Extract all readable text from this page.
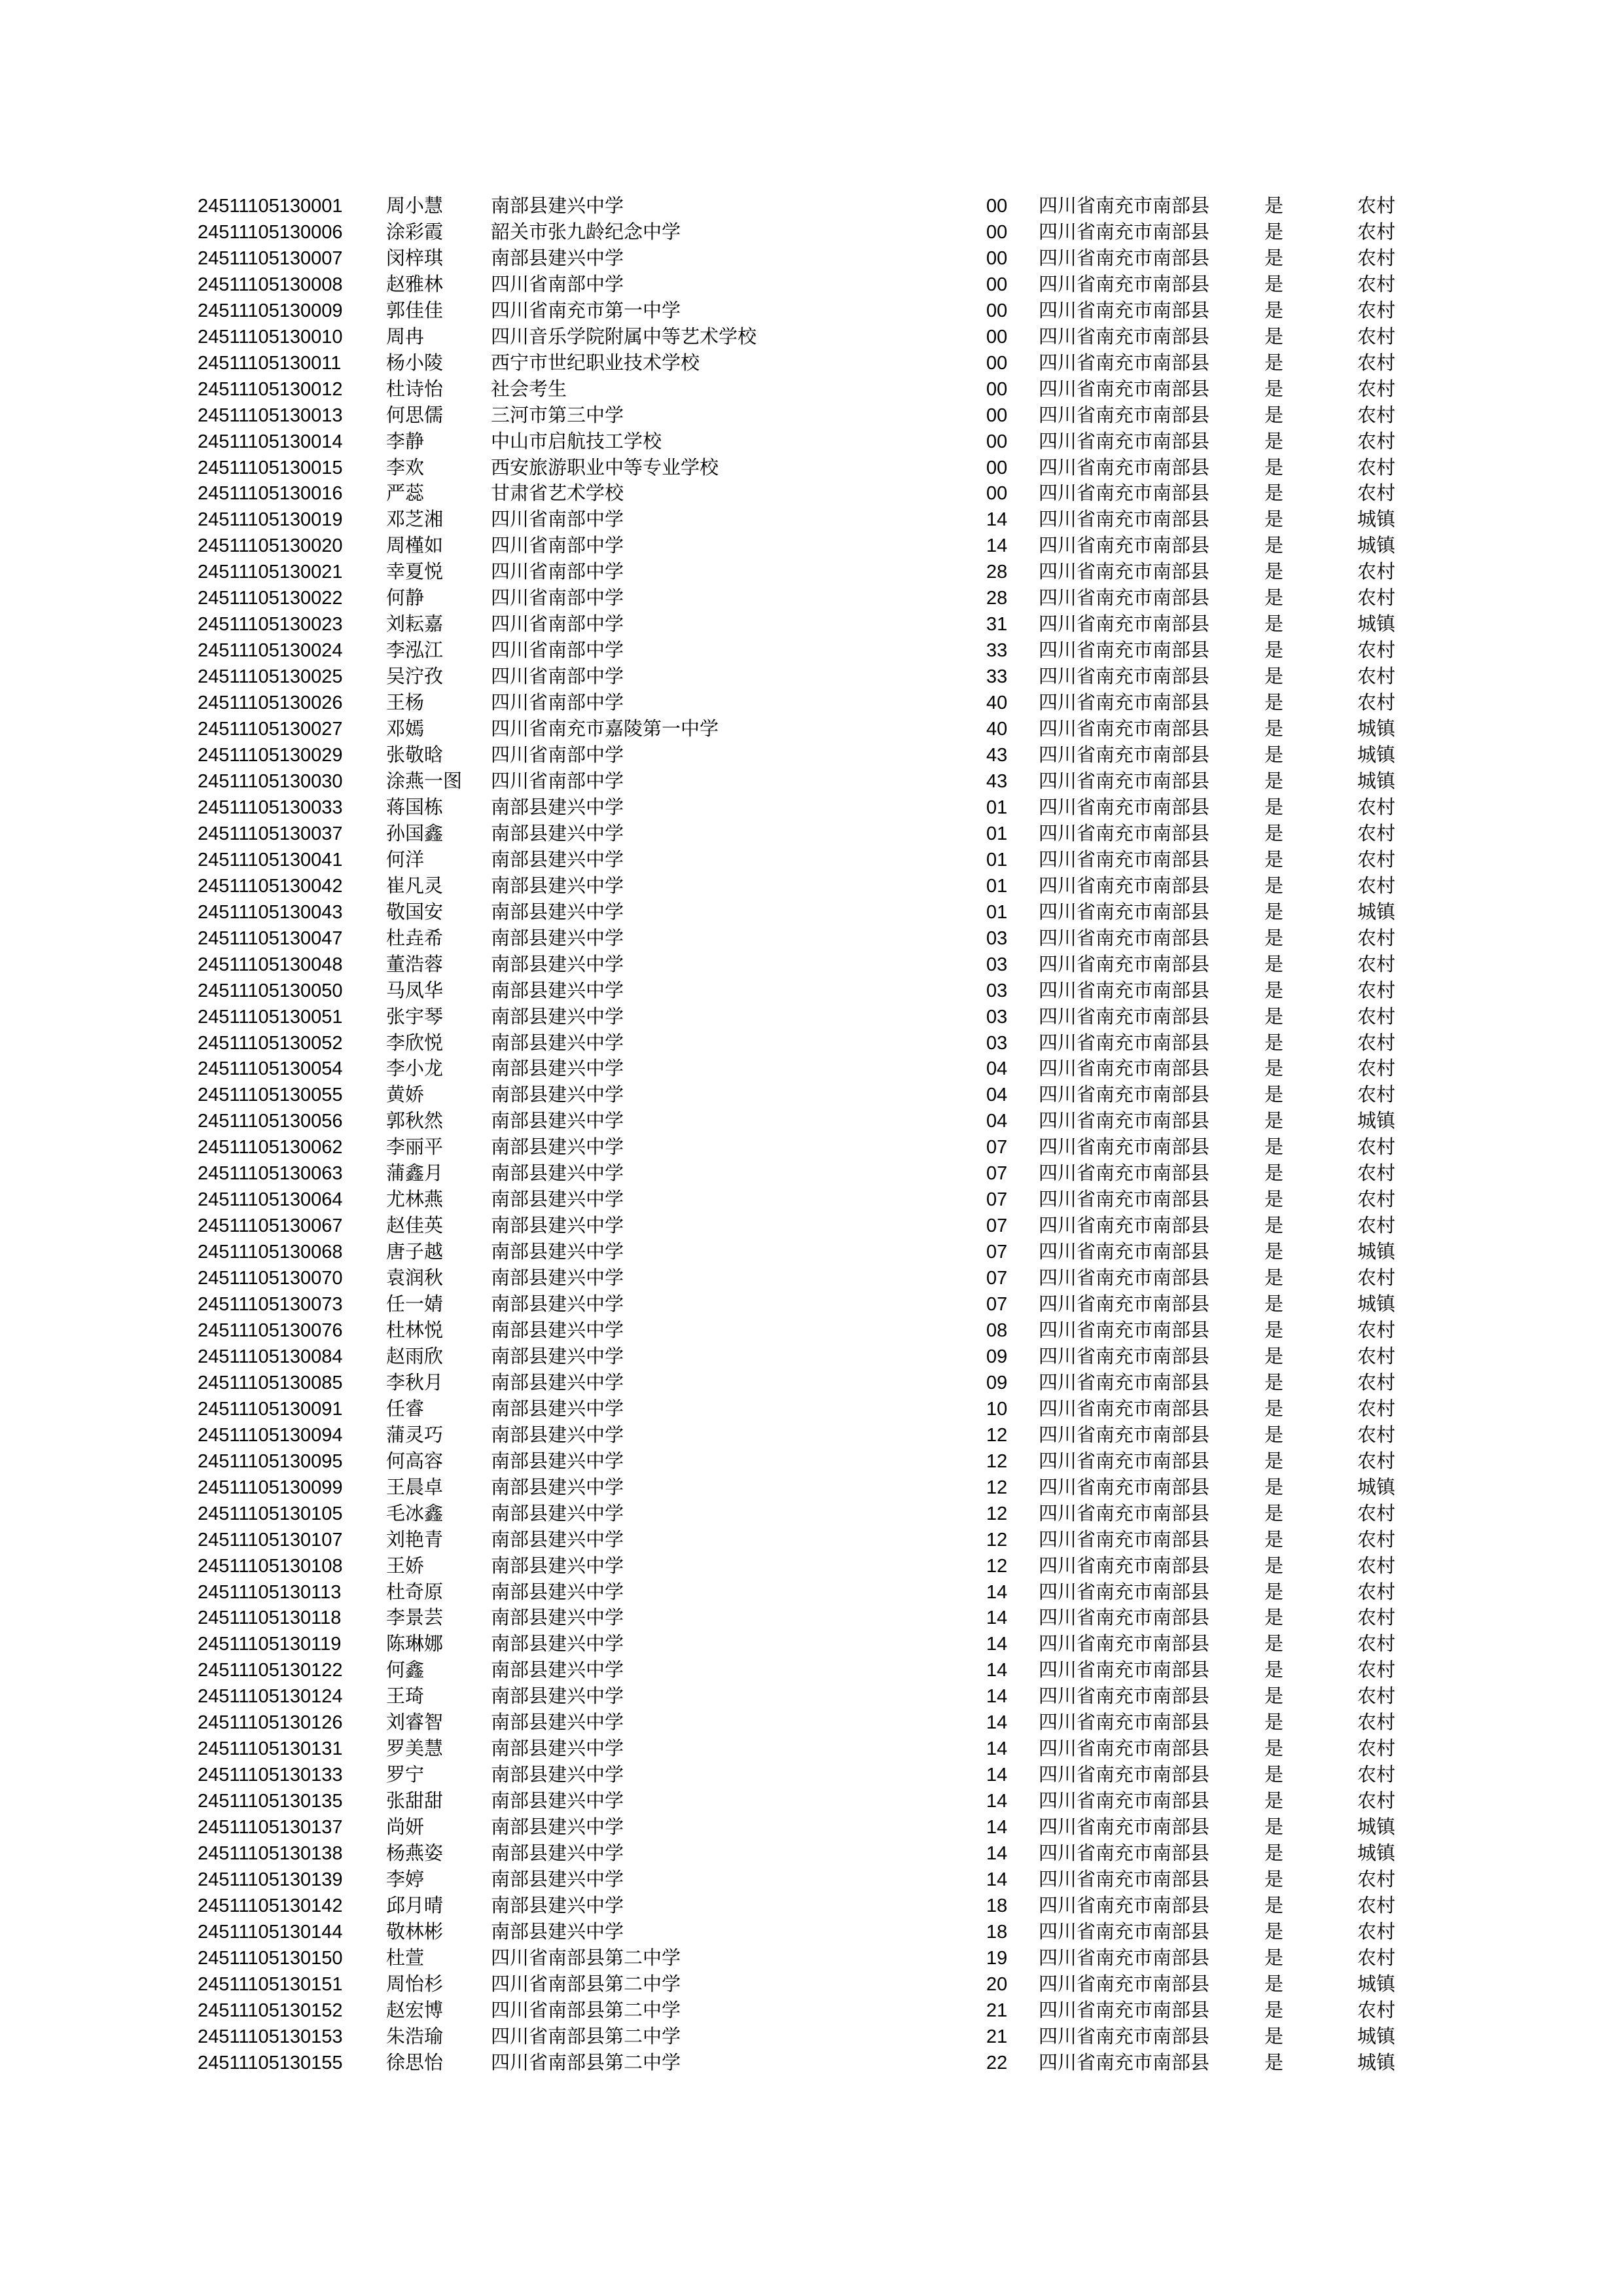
24511105130001	周小慧	南部县建兴中学	00	四川省南充市南部县	是	农村
24511105130006	涂彩霞	韶关市张九龄纪念中学	00	四川省南充市南部县	是	农村
24511105130007	闵梓琪	南部县建兴中学	00	四川省南充市南部县	是	农村
24511105130008	赵雅林	四川省南部中学	00	四川省南充市南部县	是	农村
24511105130009	郭佳佳	四川省南充市第一中学	00	四川省南充市南部县	是	农村
24511105130010	周冉	四川音乐学院附属中等艺术学校	00	四川省南充市南部县	是	农村
24511105130011	杨小陵	西宁市世纪职业技术学校	00	四川省南充市南部县	是	农村
24511105130012	杜诗怡	社会考生	00	四川省南充市南部县	是	农村
24511105130013	何思儒	三河市第三中学	00	四川省南充市南部县	是	农村
24511105130014	李静	中山市启航技工学校	00	四川省南充市南部县	是	农村
24511105130015	李欢	西安旅游职业中等专业学校	00	四川省南充市南部县	是	农村
24511105130016	严蕊	甘肃省艺术学校	00	四川省南充市南部县	是	农村
24511105130019	邓芝湘	四川省南部中学	14	四川省南充市南部县	是	城镇
24511105130020	周槿如	四川省南部中学	14	四川省南充市南部县	是	城镇
24511105130021	幸夏悦	四川省南部中学	28	四川省南充市南部县	是	农村
24511105130022	何静	四川省南部中学	28	四川省南充市南部县	是	农村
24511105130023	刘耘嘉	四川省南部中学	31	四川省南充市南部县	是	城镇
24511105130024	李泓江	四川省南部中学	33	四川省南充市南部县	是	农村
24511105130025	吴泞孜	四川省南部中学	33	四川省南充市南部县	是	农村
24511105130026	王杨	四川省南部中学	40	四川省南充市南部县	是	农村
24511105130027	邓嫣	四川省南充市嘉陵第一中学	40	四川省南充市南部县	是	城镇
24511105130029	张敬晗	四川省南部中学	43	四川省南充市南部县	是	城镇
24511105130030	涂燕一图	四川省南部中学	43	四川省南充市南部县	是	城镇
24511105130033	蒋国栋	南部县建兴中学	01	四川省南充市南部县	是	农村
24511105130037	孙国鑫	南部县建兴中学	01	四川省南充市南部县	是	农村
24511105130041	何洋	南部县建兴中学	01	四川省南充市南部县	是	农村
24511105130042	崔凡灵	南部县建兴中学	01	四川省南充市南部县	是	农村
24511105130043	敬国安	南部县建兴中学	01	四川省南充市南部县	是	城镇
24511105130047	杜垚希	南部县建兴中学	03	四川省南充市南部县	是	农村
24511105130048	董浩蓉	南部县建兴中学	03	四川省南充市南部县	是	农村
24511105130050	马凤华	南部县建兴中学	03	四川省南充市南部县	是	农村
24511105130051	张宇琴	南部县建兴中学	03	四川省南充市南部县	是	农村
24511105130052	李欣悦	南部县建兴中学	03	四川省南充市南部县	是	农村
24511105130054	李小龙	南部县建兴中学	04	四川省南充市南部县	是	农村
24511105130055	黄娇	南部县建兴中学	04	四川省南充市南部县	是	农村
24511105130056	郭秋然	南部县建兴中学	04	四川省南充市南部县	是	城镇
24511105130062	李丽平	南部县建兴中学	07	四川省南充市南部县	是	农村
24511105130063	蒲鑫月	南部县建兴中学	07	四川省南充市南部县	是	农村
24511105130064	尤林燕	南部县建兴中学	07	四川省南充市南部县	是	农村
24511105130067	赵佳英	南部县建兴中学	07	四川省南充市南部县	是	农村
24511105130068	唐子越	南部县建兴中学	07	四川省南充市南部县	是	城镇
24511105130070	袁润秋	南部县建兴中学	07	四川省南充市南部县	是	农村
24511105130073	任一婧	南部县建兴中学	07	四川省南充市南部县	是	城镇
24511105130076	杜林悦	南部县建兴中学	08	四川省南充市南部县	是	农村
24511105130084	赵雨欣	南部县建兴中学	09	四川省南充市南部县	是	农村
24511105130085	李秋月	南部县建兴中学	09	四川省南充市南部县	是	农村
24511105130091	任睿	南部县建兴中学	10	四川省南充市南部县	是	农村
24511105130094	蒲灵巧	南部县建兴中学	12	四川省南充市南部县	是	农村
24511105130095	何高容	南部县建兴中学	12	四川省南充市南部县	是	农村
24511105130099	王晨卓	南部县建兴中学	12	四川省南充市南部县	是	城镇
24511105130105	毛冰鑫	南部县建兴中学	12	四川省南充市南部县	是	农村
24511105130107	刘艳青	南部县建兴中学	12	四川省南充市南部县	是	农村
24511105130108	王娇	南部县建兴中学	12	四川省南充市南部县	是	农村
24511105130113	杜奇原	南部县建兴中学	14	四川省南充市南部县	是	农村
24511105130118	李景芸	南部县建兴中学	14	四川省南充市南部县	是	农村
24511105130119	陈琳娜	南部县建兴中学	14	四川省南充市南部县	是	农村
24511105130122	何鑫	南部县建兴中学	14	四川省南充市南部县	是	农村
24511105130124	王琦	南部县建兴中学	14	四川省南充市南部县	是	农村
24511105130126	刘睿智	南部县建兴中学	14	四川省南充市南部县	是	农村
24511105130131	罗美慧	南部县建兴中学	14	四川省南充市南部县	是	农村
24511105130133	罗宁	南部县建兴中学	14	四川省南充市南部县	是	农村
24511105130135	张甜甜	南部县建兴中学	14	四川省南充市南部县	是	农村
24511105130137	尚妍	南部县建兴中学	14	四川省南充市南部县	是	城镇
24511105130138	杨燕姿	南部县建兴中学	14	四川省南充市南部县	是	城镇
24511105130139	李婷	南部县建兴中学	14	四川省南充市南部县	是	农村
24511105130142	邱月晴	南部县建兴中学	18	四川省南充市南部县	是	农村
24511105130144	敬林彬	南部县建兴中学	18	四川省南充市南部县	是	农村
24511105130150	杜萱	四川省南部县第二中学	19	四川省南充市南部县	是	农村
24511105130151	周怡杉	四川省南部县第二中学	20	四川省南充市南部县	是	城镇
24511105130152	赵宏博	四川省南部县第二中学	21	四川省南充市南部县	是	农村
24511105130153	朱浩瑜	四川省南部县第二中学	21	四川省南充市南部县	是	城镇
24511105130155	徐思怡	四川省南部县第二中学	22	四川省南充市南部县	是	城镇
